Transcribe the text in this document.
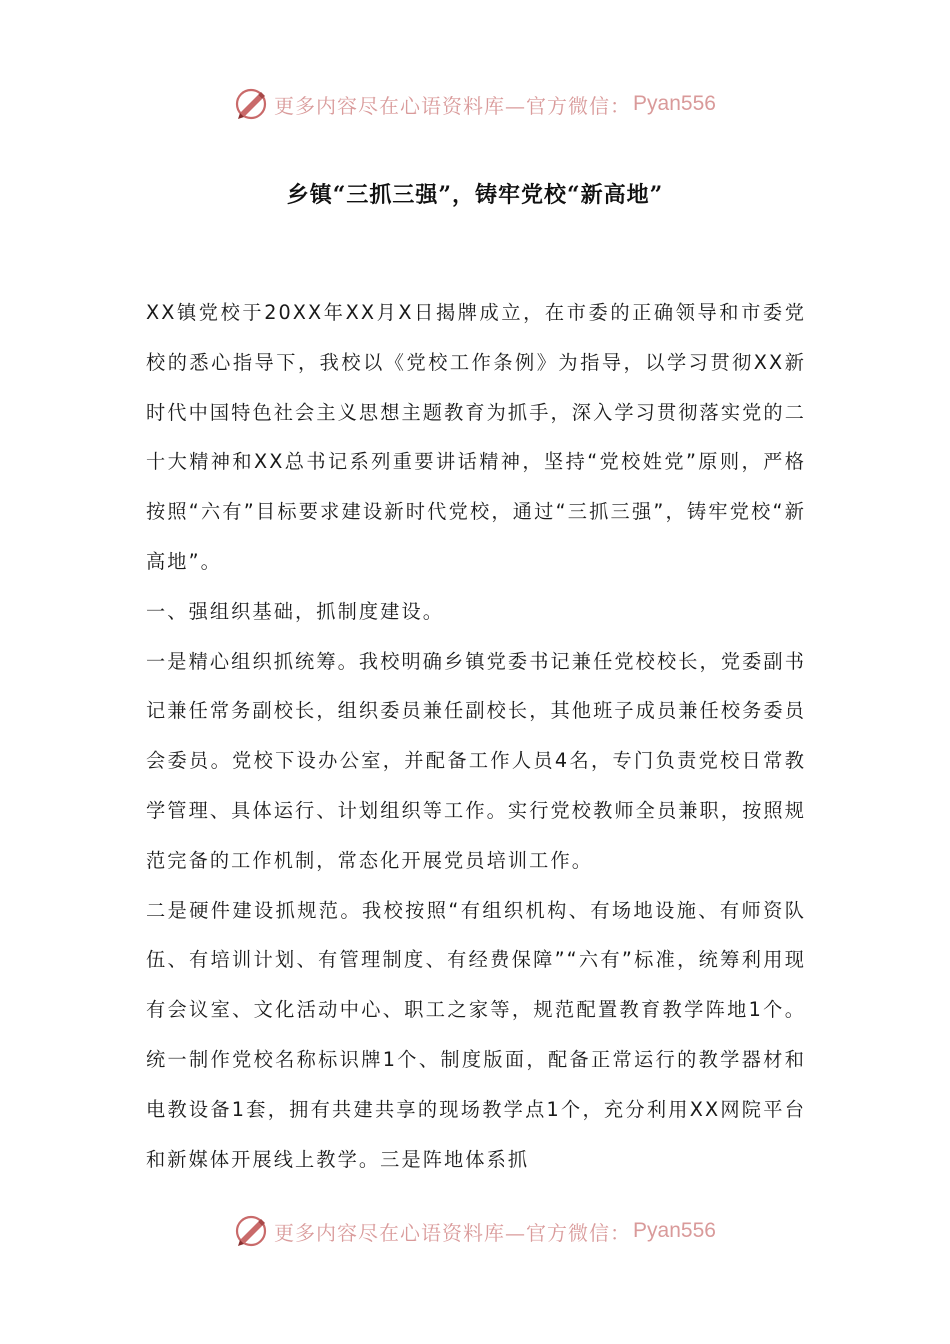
更多内容尽在心语资料库—官方微信： Pyan556
乡镇“三抓三强”，铸牢党校“新高地”

XX镇党校于20XX年XX月X日揭牌成立，在市委的正确领导和市委党校的悉心指导下，我校以《党校工作条例》为指导，以学习贯彻XX新时代中国特色社会主义思想主题教育为抓手，深入学习贯彻落实党的二十大精神和XX总书记系列重要讲话精神，坚持“党校姓党”原则，严格按照“六有”目标要求建设新时代党校，通过“三抓三强”，铸牢党校“新高地”。

一、强组织基础，抓制度建设。

一是精心组织抓统筹。我校明确乡镇党委书记兼任党校校长，党委副书记兼任常务副校长，组织委员兼任副校长，其他班子成员兼任校务委员会委员。党校下设办公室，并配备工作人员4名，专门负责党校日常教学管理、具体运行、计划组织等工作。实行党校教师全员兼职，按照规范完备的工作机制，常态化开展党员培训工作。

二是硬件建设抓规范。我校按照“有组织机构、有场地设施、有师资队伍、有培训计划、有管理制度、有经费保障”“六有”标准，统筹利用现有会议室、文化活动中心、职工之家等，规范配置教育教学阵地1个。统一制作党校名称标识牌1个、制度版面，配备正常运行的教学器材和电教设备1套，拥有共建共享的现场教学点1个，充分利用XX网院平台和新媒体开展线上教学。三是阵地体系抓

更多内容尽在心语资料库—官方微信： Pyan556
